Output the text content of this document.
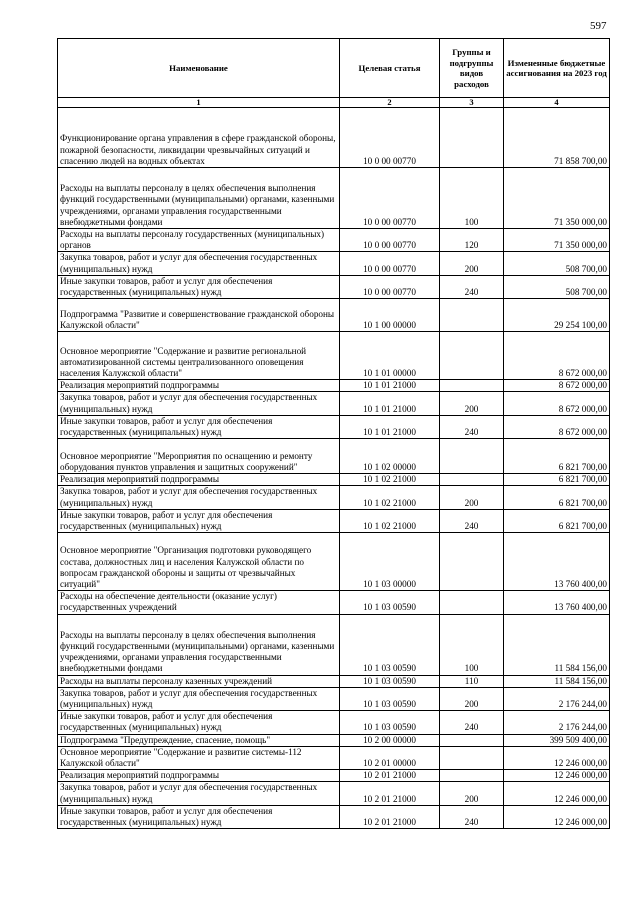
597
Наименование	Целевая статья	Группы и подгруппы видов расходов	Измененные бюджетные ассигнования на 2023 год
1	2	3	4
Функционирование органа управления в сфере гражданской обороны, пожарной безопасности, ликвидации чрезвычайных ситуаций и спасению людей на водных объектах	10 0 00 00770		71 858 700,00
Расходы на выплаты персоналу в целях обеспечения выполнения функций государственными (муниципальными) органами, казенными учреждениями, органами управления государственными внебюджетными фондами	10 0 00 00770	100	71 350 000,00
Расходы на выплаты персоналу государственных (муниципальных) органов	10 0 00 00770	120	71 350 000,00
Закупка товаров, работ и услуг для обеспечения государственных (муниципальных) нужд	10 0 00 00770	200	508 700,00
Иные закупки товаров, работ и услуг для обеспечения государственных (муниципальных) нужд	10 0 00 00770	240	508 700,00
Подпрограмма "Развитие и совершенствование гражданской обороны Калужской области"	10 1 00 00000		29 254 100,00
Основное мероприятие "Содержание и развитие региональной автоматизированной системы централизованного оповещения населения Калужской области"	10 1 01 00000		8 672 000,00
Реализация мероприятий подпрограммы	10 1 01 21000		8 672 000,00
Закупка товаров, работ и услуг для обеспечения государственных (муниципальных) нужд	10 1 01 21000	200	8 672 000,00
Иные закупки товаров, работ и услуг для обеспечения государственных (муниципальных) нужд	10 1 01 21000	240	8 672 000,00
Основное мероприятие "Мероприятия по оснащению и ремонту оборудования пунктов управления и защитных сооружений"	10 1 02 00000		6 821 700,00
Реализация мероприятий подпрограммы	10 1 02 21000		6 821 700,00
Закупка товаров, работ и услуг для обеспечения государственных (муниципальных) нужд	10 1 02 21000	200	6 821 700,00
Иные закупки товаров, работ и услуг для обеспечения государственных (муниципальных) нужд	10 1 02 21000	240	6 821 700,00
Основное мероприятие "Организация подготовки руководящего состава, должностных лиц и населения Калужской области по вопросам гражданской обороны и защиты от чрезвычайных ситуаций"	10 1 03 00000		13 760 400,00
Расходы на обеспечение деятельности (оказание услуг) государственных учреждений	10 1 03 00590		13 760 400,00
Расходы на выплаты персоналу в целях обеспечения выполнения функций государственными (муниципальными) органами, казенными учреждениями, органами управления государственными внебюджетными фондами	10 1 03 00590	100	11 584 156,00
Расходы на выплаты персоналу казенных учреждений	10 1 03 00590	110	11 584 156,00
Закупка товаров, работ и услуг для обеспечения государственных (муниципальных) нужд	10 1 03 00590	200	2 176 244,00
Иные закупки товаров, работ и услуг для обеспечения государственных (муниципальных) нужд	10 1 03 00590	240	2 176 244,00
Подпрограмма "Предупреждение, спасение, помощь"	10 2 00 00000		399 509 400,00
Основное мероприятие "Содержание и развитие системы-112 Калужской области"	10 2 01 00000		12 246 000,00
Реализация мероприятий подпрограммы	10 2 01 21000		12 246 000,00
Закупка товаров, работ и услуг для обеспечения государственных (муниципальных) нужд	10 2 01 21000	200	12 246 000,00
Иные закупки товаров, работ и услуг для обеспечения государственных (муниципальных) нужд	10 2 01 21000	240	12 246 000,00
